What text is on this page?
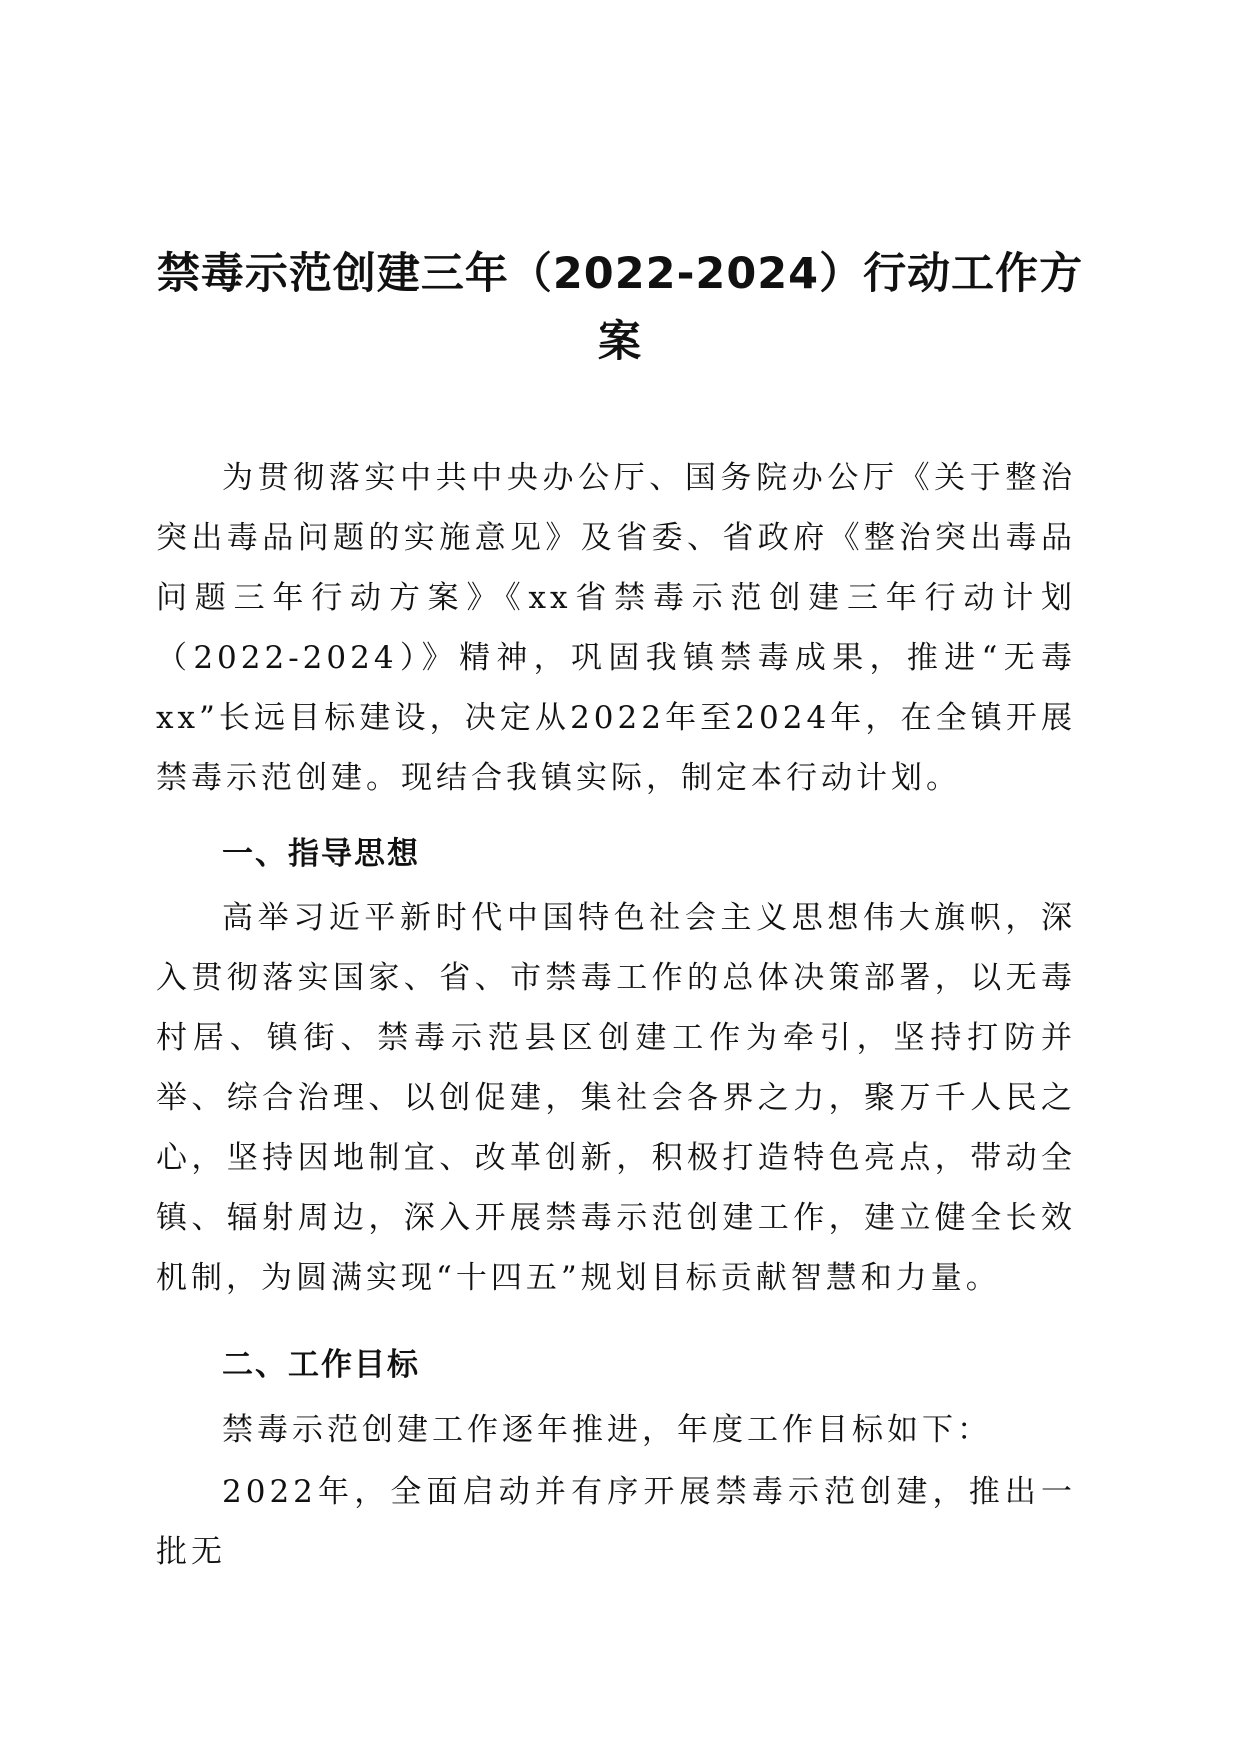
禁毒示范创建三年（2022-2024）行动工作方案

为贯彻落实中共中央办公厅、国务院办公厅《关于整治突出毒品问题的实施意见》及省委、省政府《整治突出毒品问题三年行动方案》《xx省禁毒示范创建三年行动计划（2022-2024）》精神，巩固我镇禁毒成果，推进“无毒xx”长远目标建设，决定从2022年至2024年，在全镇开展禁毒示范创建。现结合我镇实际，制定本行动计划。

一、指导思想

高举习近平新时代中国特色社会主义思想伟大旗帜，深入贯彻落实国家、省、市禁毒工作的总体决策部署，以无毒村居、镇街、禁毒示范县区创建工作为牵引，坚持打防并举、综合治理、以创促建，集社会各界之力，聚万千人民之心，坚持因地制宜、改革创新，积极打造特色亮点，带动全镇、辐射周边，深入开展禁毒示范创建工作，建立健全长效机制，为圆满实现“十四五”规划目标贡献智慧和力量。

二、工作目标

禁毒示范创建工作逐年推进，年度工作目标如下：

2022年，全面启动并有序开展禁毒示范创建，推出一批无
